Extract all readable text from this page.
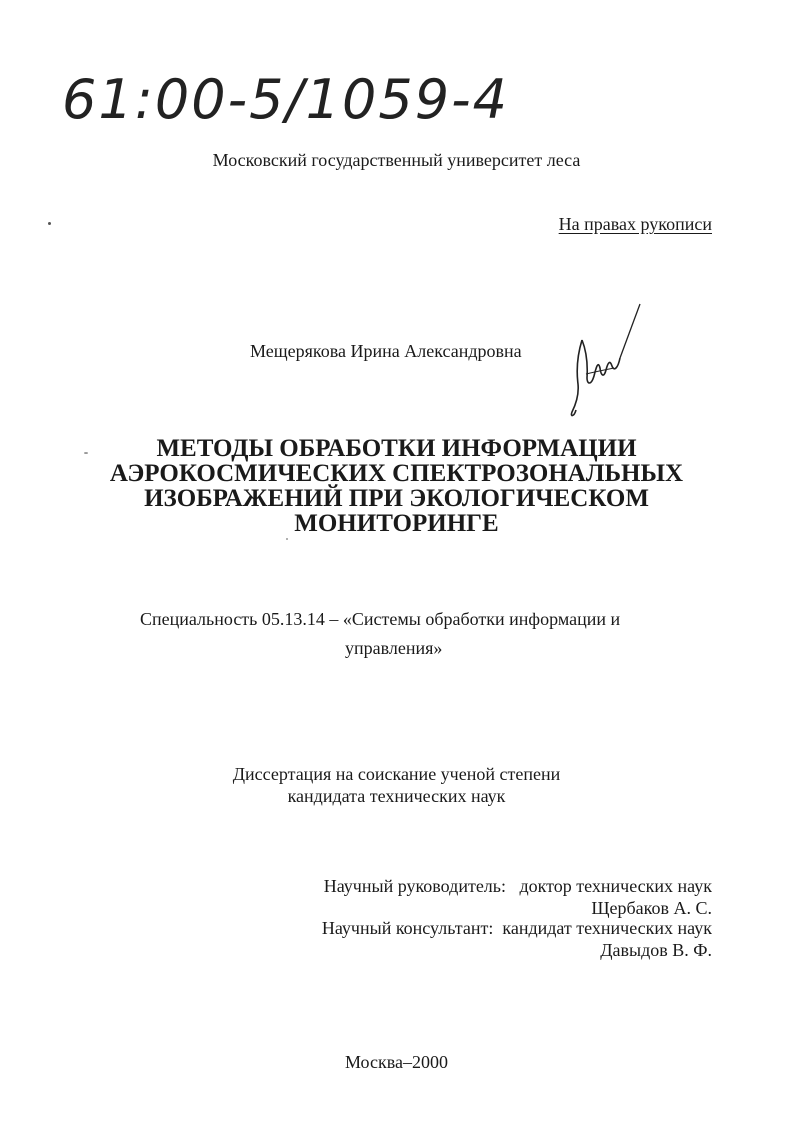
61:00-5/1059-4
Московский государственный университет леса
На правах рукописи
Мещерякова Ирина Александровна
МЕТОДЫ ОБРАБОТКИ ИНФОРМАЦИИ
АЭРОКОСМИЧЕСКИХ СПЕКТРОЗОНАЛЬНЫХ
ИЗОБРАЖЕНИЙ ПРИ ЭКОЛОГИЧЕСКОМ
МОНИТОРИНГЕ
Специальность 05.13.14 – «Системы обработки информации и
управления»
Диссертация на соискание ученой степени
кандидата технических наук
Научный руководитель: доктор технических наук
Щербаков А. С.
Научный консультант: кандидат технических наук
Давыдов В. Ф.
Москва–2000
